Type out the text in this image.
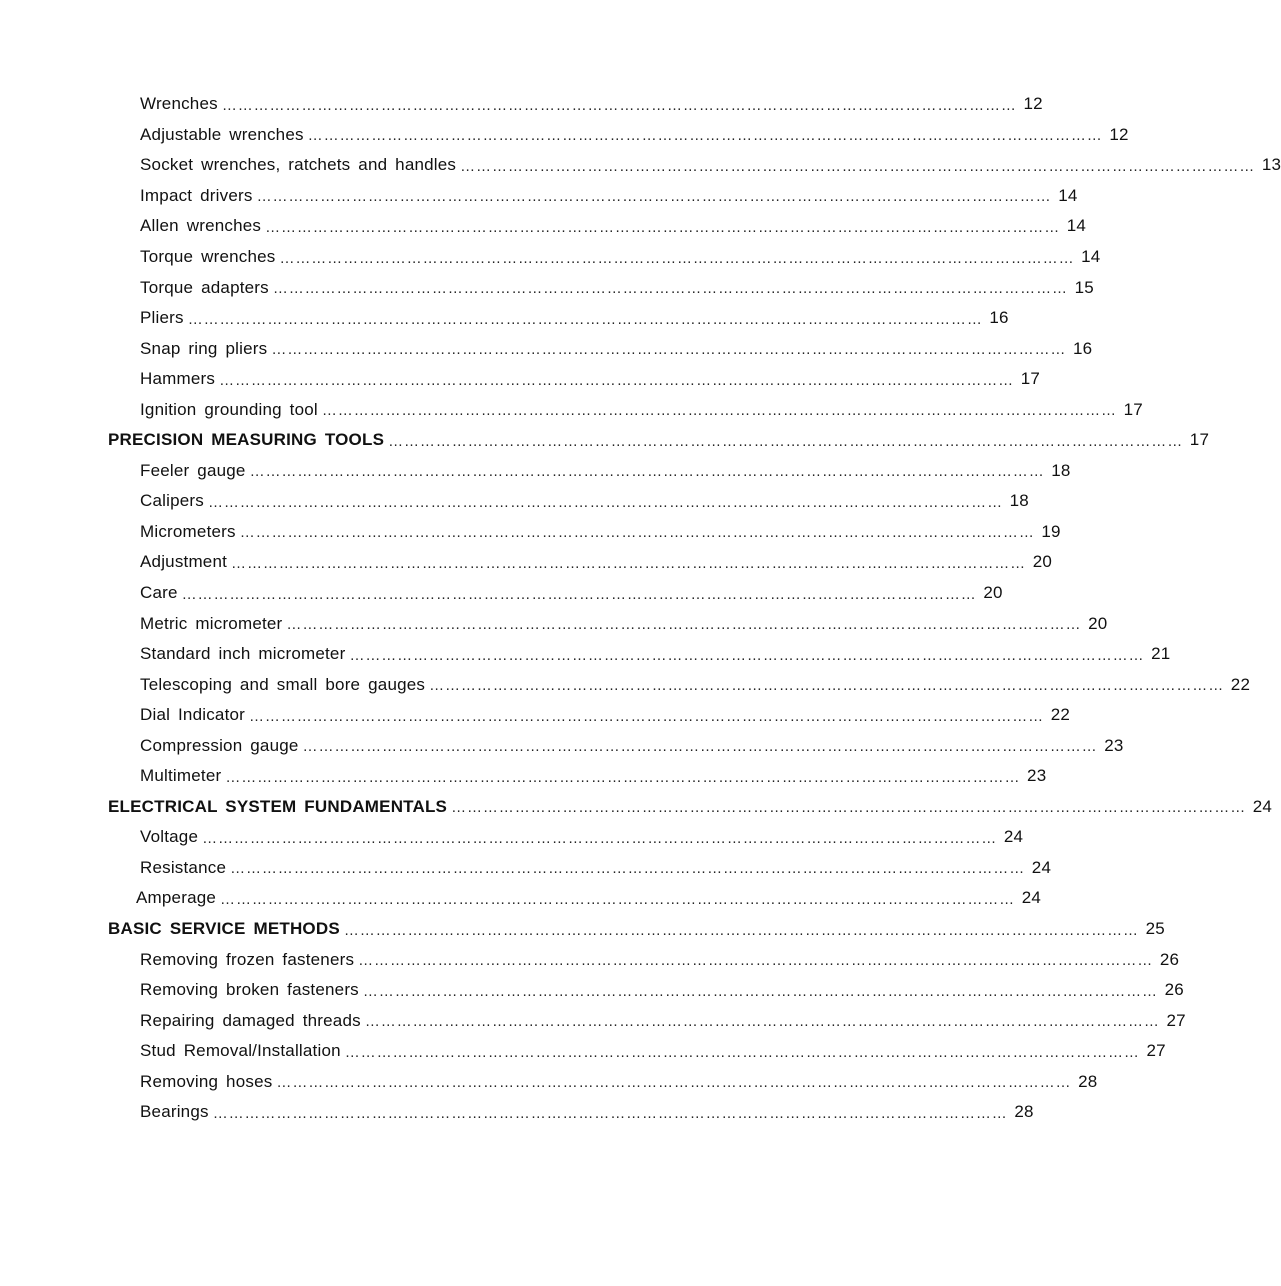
Wrenches …………………………………………………………………………………………………………………………………… 12
Adjustable wrenches …………………………………………………………………………………………………………………………………… 12
Socket wrenches, ratchets and handles …………………………………………………………………………………………………………………………………… 13
Impact drivers …………………………………………………………………………………………………………………………………… 14
Allen wrenches …………………………………………………………………………………………………………………………………… 14
Torque wrenches …………………………………………………………………………………………………………………………………… 14
Torque adapters …………………………………………………………………………………………………………………………………… 15
Pliers …………………………………………………………………………………………………………………………………… 16
Snap ring pliers …………………………………………………………………………………………………………………………………… 16
Hammers …………………………………………………………………………………………………………………………………… 17
Ignition grounding tool …………………………………………………………………………………………………………………………………… 17
PRECISION MEASURING TOOLS …………………………………………………………………………………………………………………………………… 17
Feeler gauge …………………………………………………………………………………………………………………………………… 18
Calipers …………………………………………………………………………………………………………………………………… 18
Micrometers …………………………………………………………………………………………………………………………………… 19
Adjustment …………………………………………………………………………………………………………………………………… 20
Care …………………………………………………………………………………………………………………………………… 20
Metric micrometer …………………………………………………………………………………………………………………………………… 20
Standard inch micrometer …………………………………………………………………………………………………………………………………… 21
Telescoping and small bore gauges …………………………………………………………………………………………………………………………………… 22
Dial Indicator …………………………………………………………………………………………………………………………………… 22
Compression gauge …………………………………………………………………………………………………………………………………… 23
Multimeter …………………………………………………………………………………………………………………………………… 23
ELECTRICAL SYSTEM FUNDAMENTALS …………………………………………………………………………………………………………………………………… 24
Voltage …………………………………………………………………………………………………………………………………… 24
Resistance …………………………………………………………………………………………………………………………………… 24
Amperage …………………………………………………………………………………………………………………………………… 24
BASIC SERVICE METHODS …………………………………………………………………………………………………………………………………… 25
Removing frozen fasteners …………………………………………………………………………………………………………………………………… 26
Removing broken fasteners …………………………………………………………………………………………………………………………………… 26
Repairing damaged threads …………………………………………………………………………………………………………………………………… 27
Stud Removal/Installation …………………………………………………………………………………………………………………………………… 27
Removing hoses …………………………………………………………………………………………………………………………………… 28
Bearings …………………………………………………………………………………………………………………………………… 28
